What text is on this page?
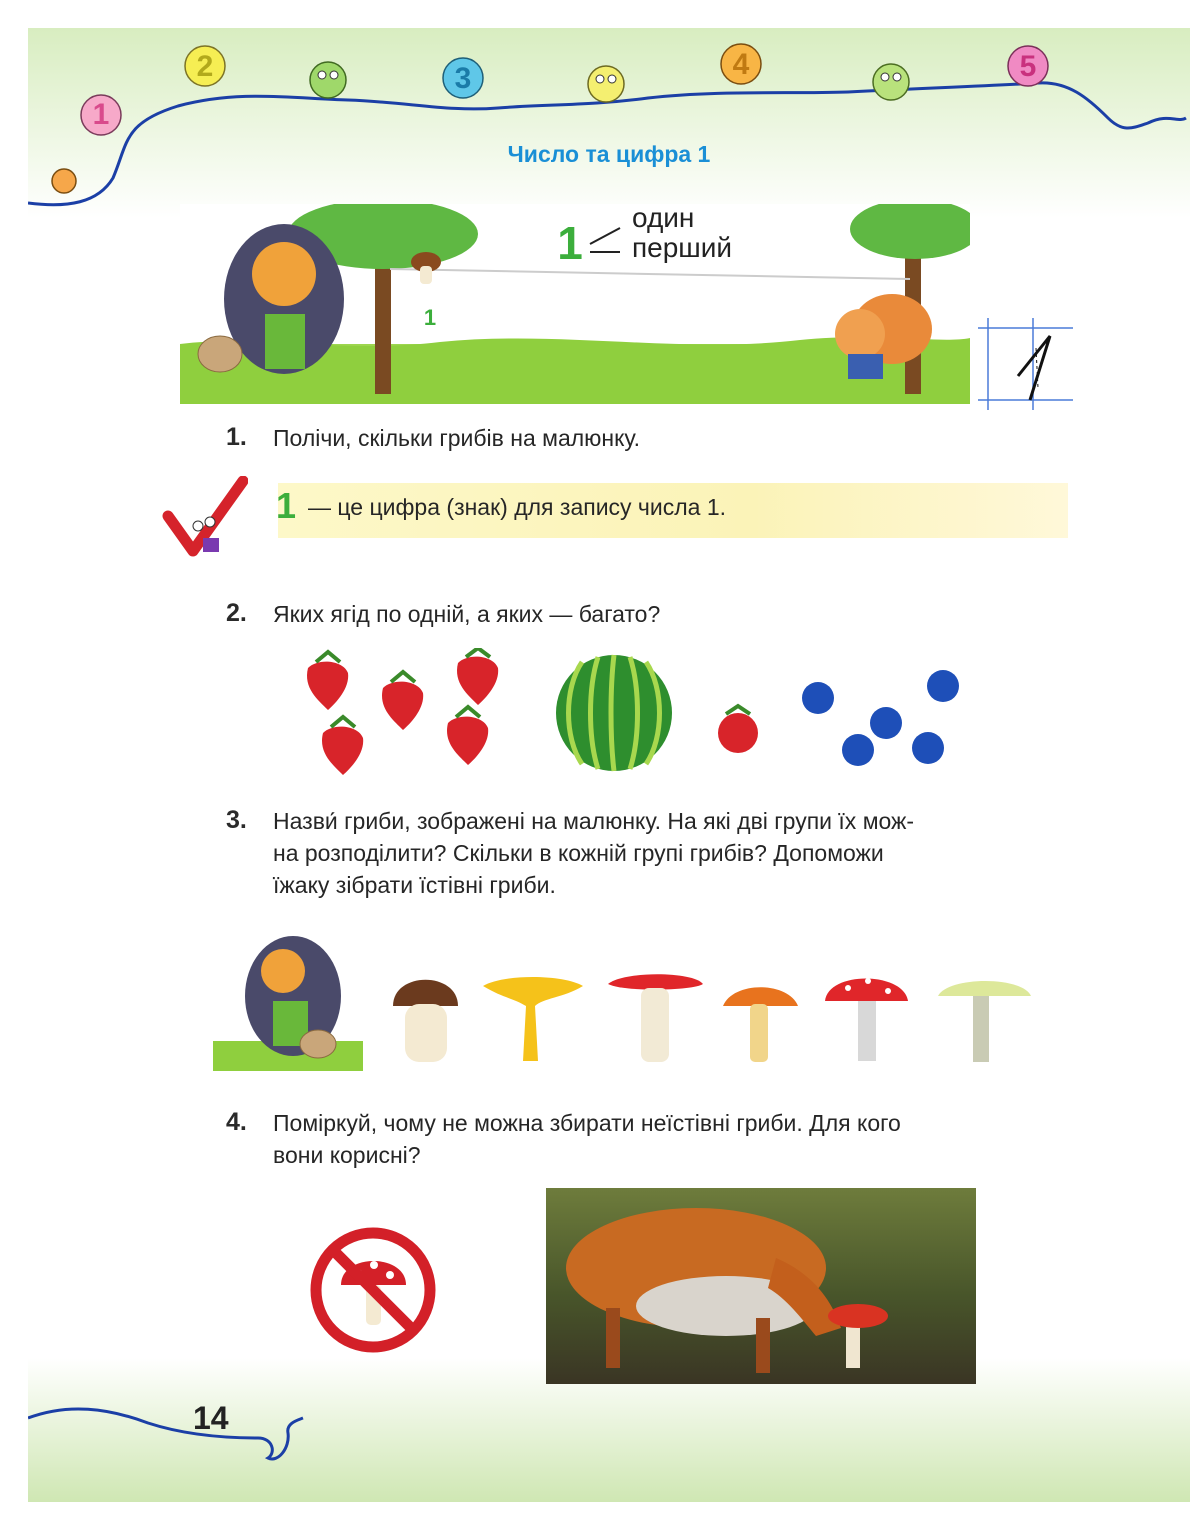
1
2	3	4	5
Число та цифра 1
1
1 один
перший
1. Полічи, скільки грибів на малюнку.
1 — це цифра (знак) для запису числа 1.
2. Яких ягід по одній, а яких — багато?
3. Назви́ гриби, зображені на малюнку. На які дві групи їх мож-
на розподілити? Скільки в кожній групі грибів? Допоможи
їжаку зібрати їстівні гриби.
4. Поміркуй, чому не можна збирати неїстівні гриби. Для кого
вони корисні?
14
